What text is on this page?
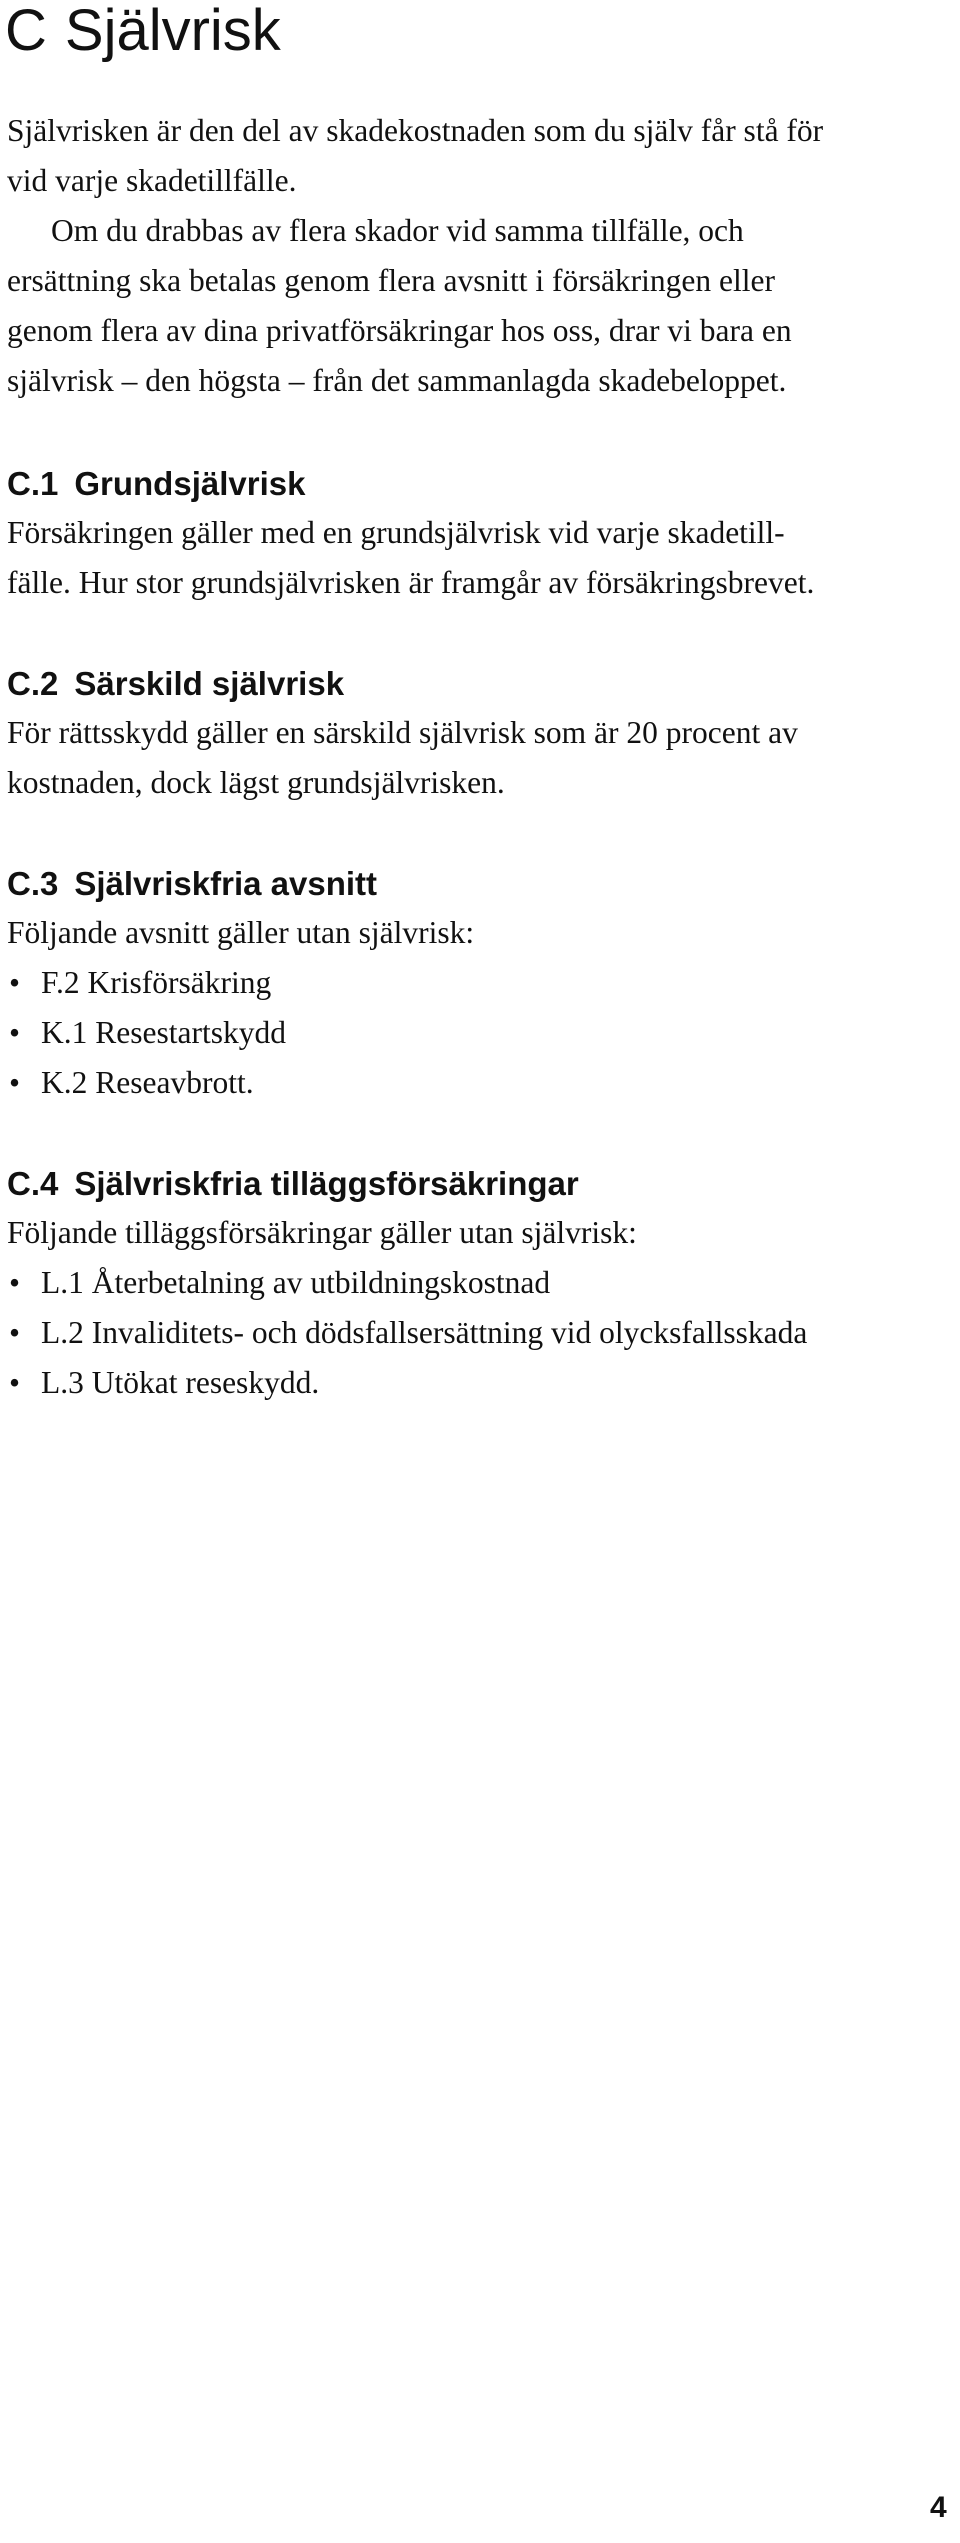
C Självrisk

Självrisken är den del av skadekostnaden som du själv får stå för
vid varje skadetillfälle.

Om du drabbas av flera skador vid samma tillfälle, och
ersättning ska betalas genom flera avsnitt i försäkringen eller
genom flera av dina privatförsäkringar hos oss, drar vi bara en
självrisk – den högsta – från det sammanlagda skadebeloppet.

C.1 Grundsjälvrisk

Försäkringen gäller med en grundsjälvrisk vid varje skadetill-
fälle. Hur stor grundsjälvrisken är framgår av försäkringsbrevet.

C.2 Särskild självrisk

För rättsskydd gäller en särskild självrisk som är 20 procent av
kostnaden, dock lägst grundsjälvrisken.

C.3 Självriskfria avsnitt

Följande avsnitt gäller utan självrisk:

• F.2 Krisförsäkring
• K.1 Resestartskydd
• K.2 Reseavbrott.
C.4 Självriskfria tilläggsförsäkringar

Följande tilläggsförsäkringar gäller utan självrisk:

• L.1 Återbetalning av utbildningskostnad
• L.2 Invaliditets- och dödsfallsersättning vid olycksfallsskada
• L.3 Utökat reseskydd.
4
